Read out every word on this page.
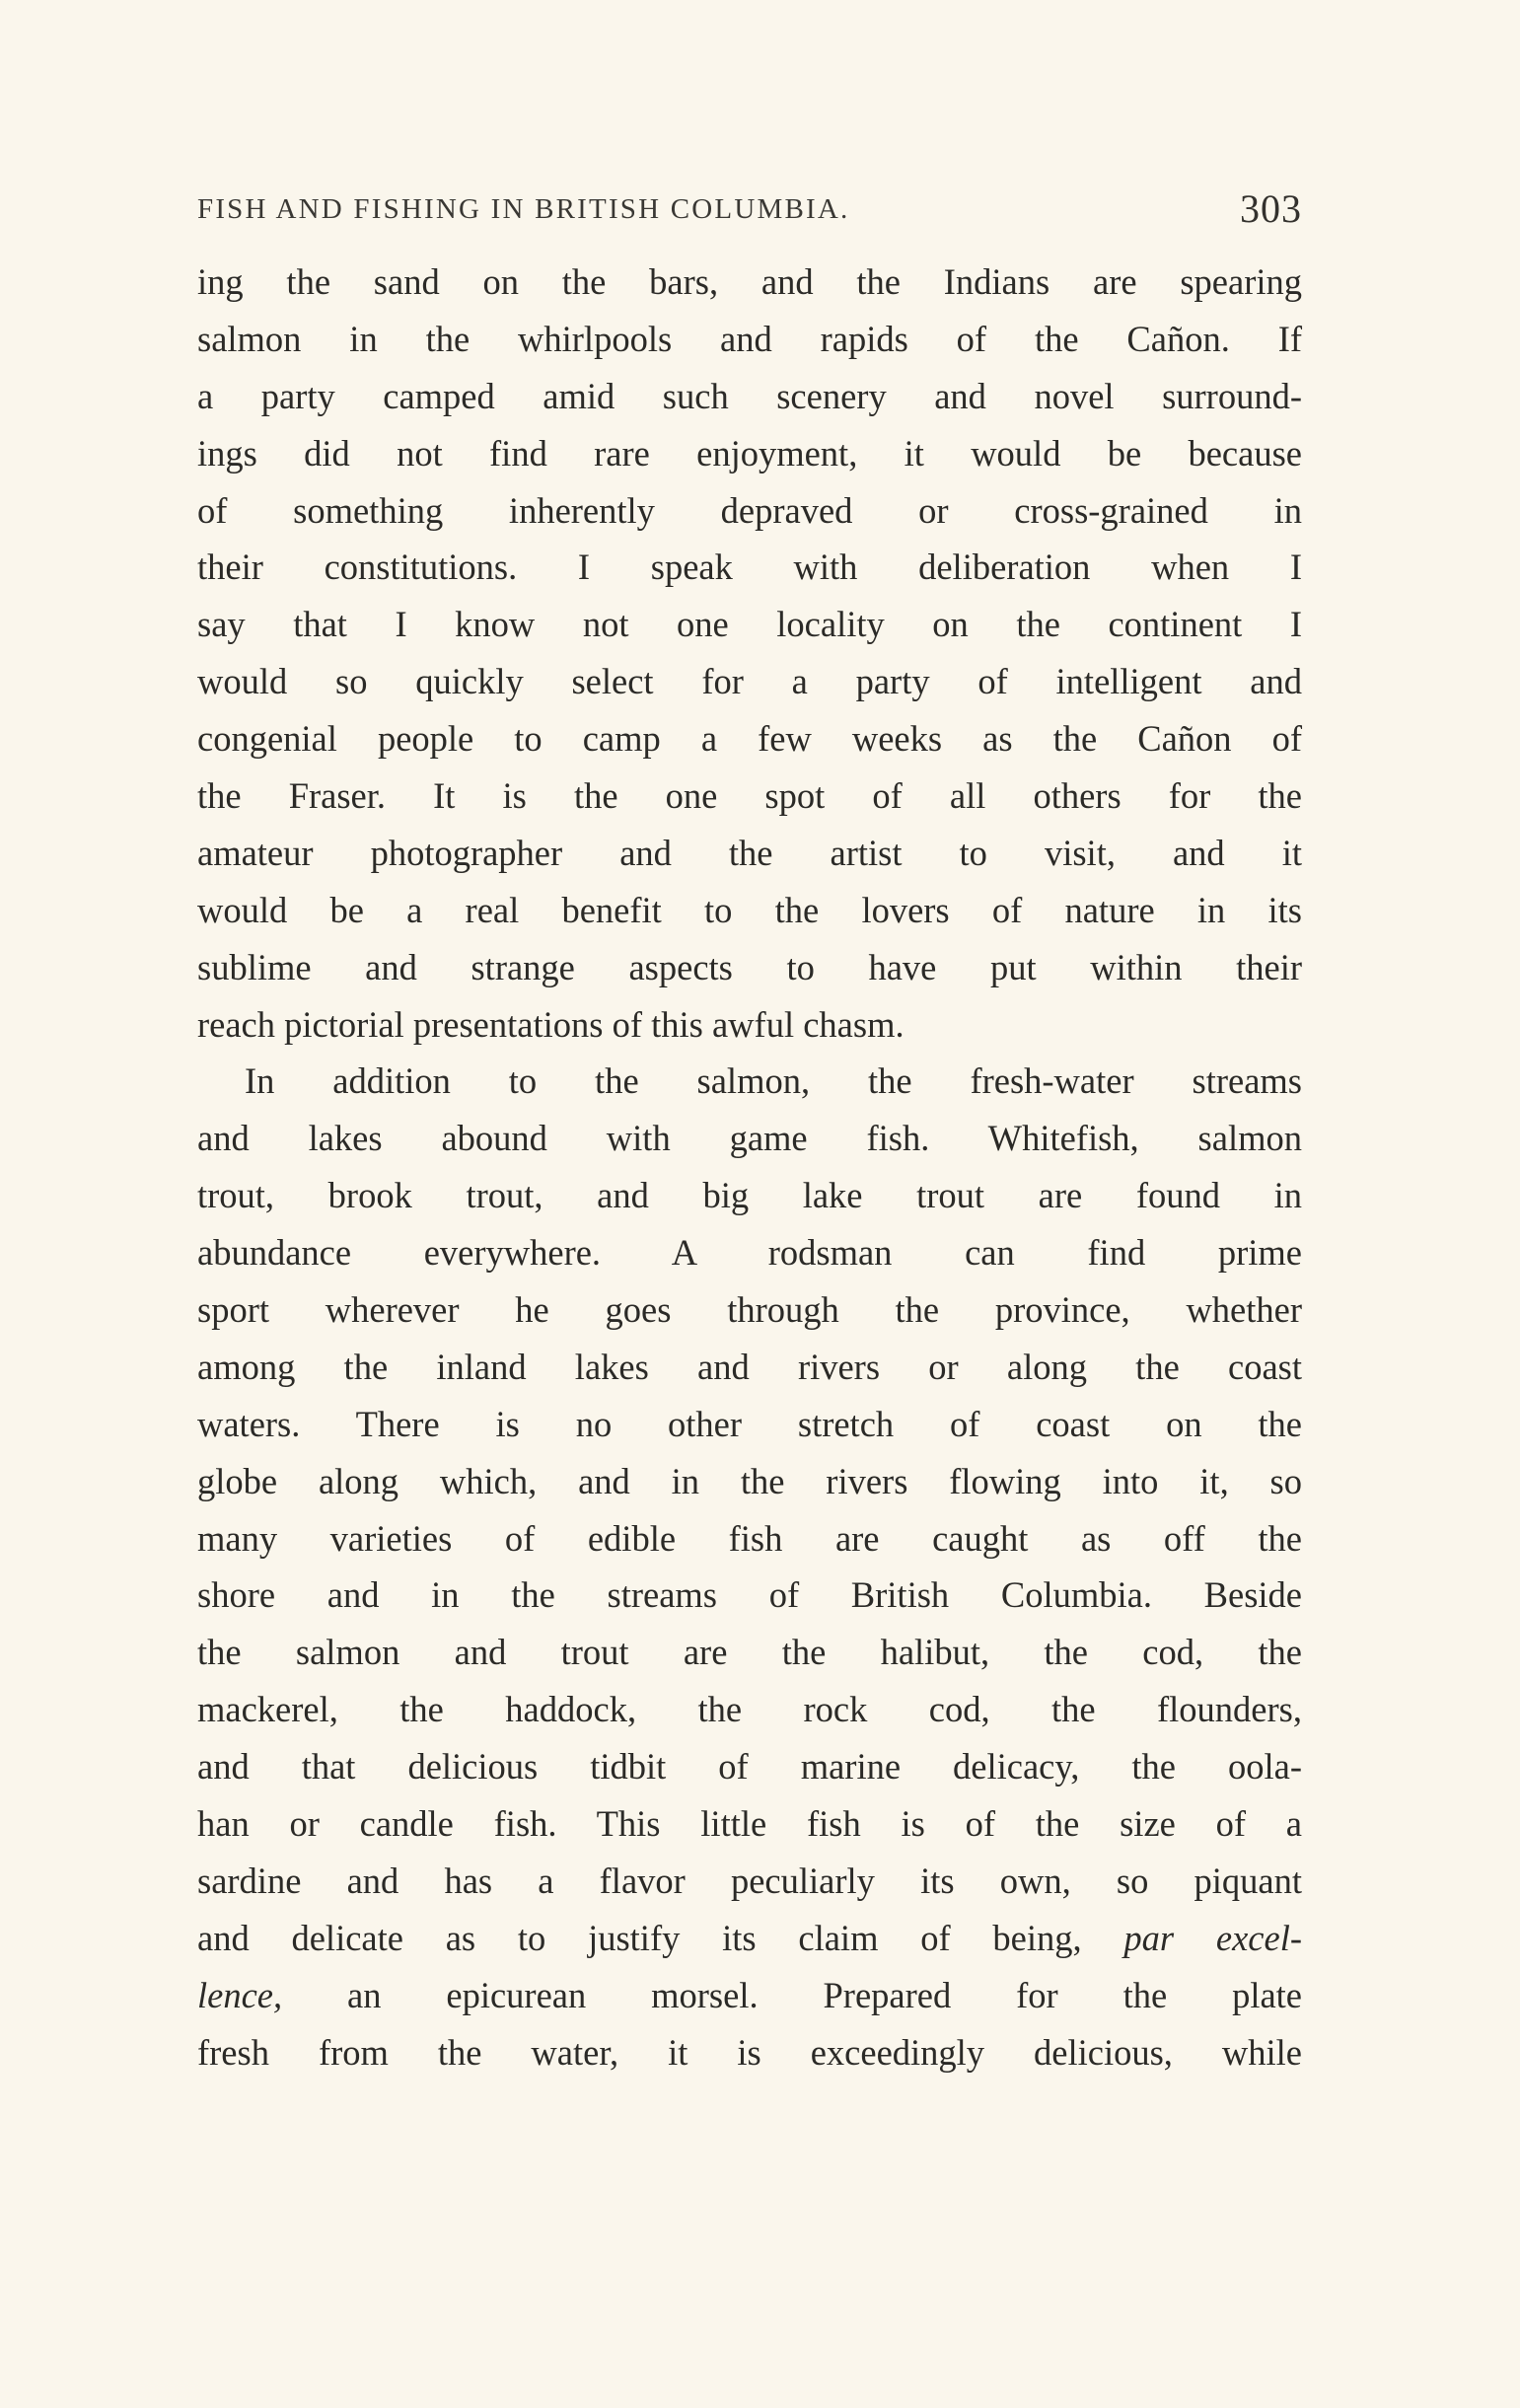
FISH AND FISHING IN BRITISH COLUMBIA.	303
ing the sand on the bars, and the Indians are spearing
salmon in the whirlpools and rapids of the Cañon. If
a party camped amid such scenery and novel surround-
ings did not find rare enjoyment, it would be because
of something inherently depraved or cross-grained in
their constitutions. I speak with deliberation when I
say that I know not one locality on the continent I
would so quickly select for a party of intelligent and
congenial people to camp a few weeks as the Cañon of
the Fraser. It is the one spot of all others for the
amateur photographer and the artist to visit, and it
would be a real benefit to the lovers of nature in its
sublime and strange aspects to have put within their
reach pictorial presentations of this awful chasm.
In addition to the salmon, the fresh-water streams
and lakes abound with game fish. Whitefish, salmon
trout, brook trout, and big lake trout are found in
abundance everywhere. A rodsman can find prime
sport wherever he goes through the province, whether
among the inland lakes and rivers or along the coast
waters. There is no other stretch of coast on the
globe along which, and in the rivers flowing into it, so
many varieties of edible fish are caught as off the
shore and in the streams of British Columbia. Beside
the salmon and trout are the halibut, the cod, the
mackerel, the haddock, the rock cod, the flounders,
and that delicious tidbit of marine delicacy, the oola-
han or candle fish. This little fish is of the size of a
sardine and has a flavor peculiarly its own, so piquant
and delicate as to justify its claim of being, par excel-
lence, an epicurean morsel. Prepared for the plate
fresh from the water, it is exceedingly delicious, while
